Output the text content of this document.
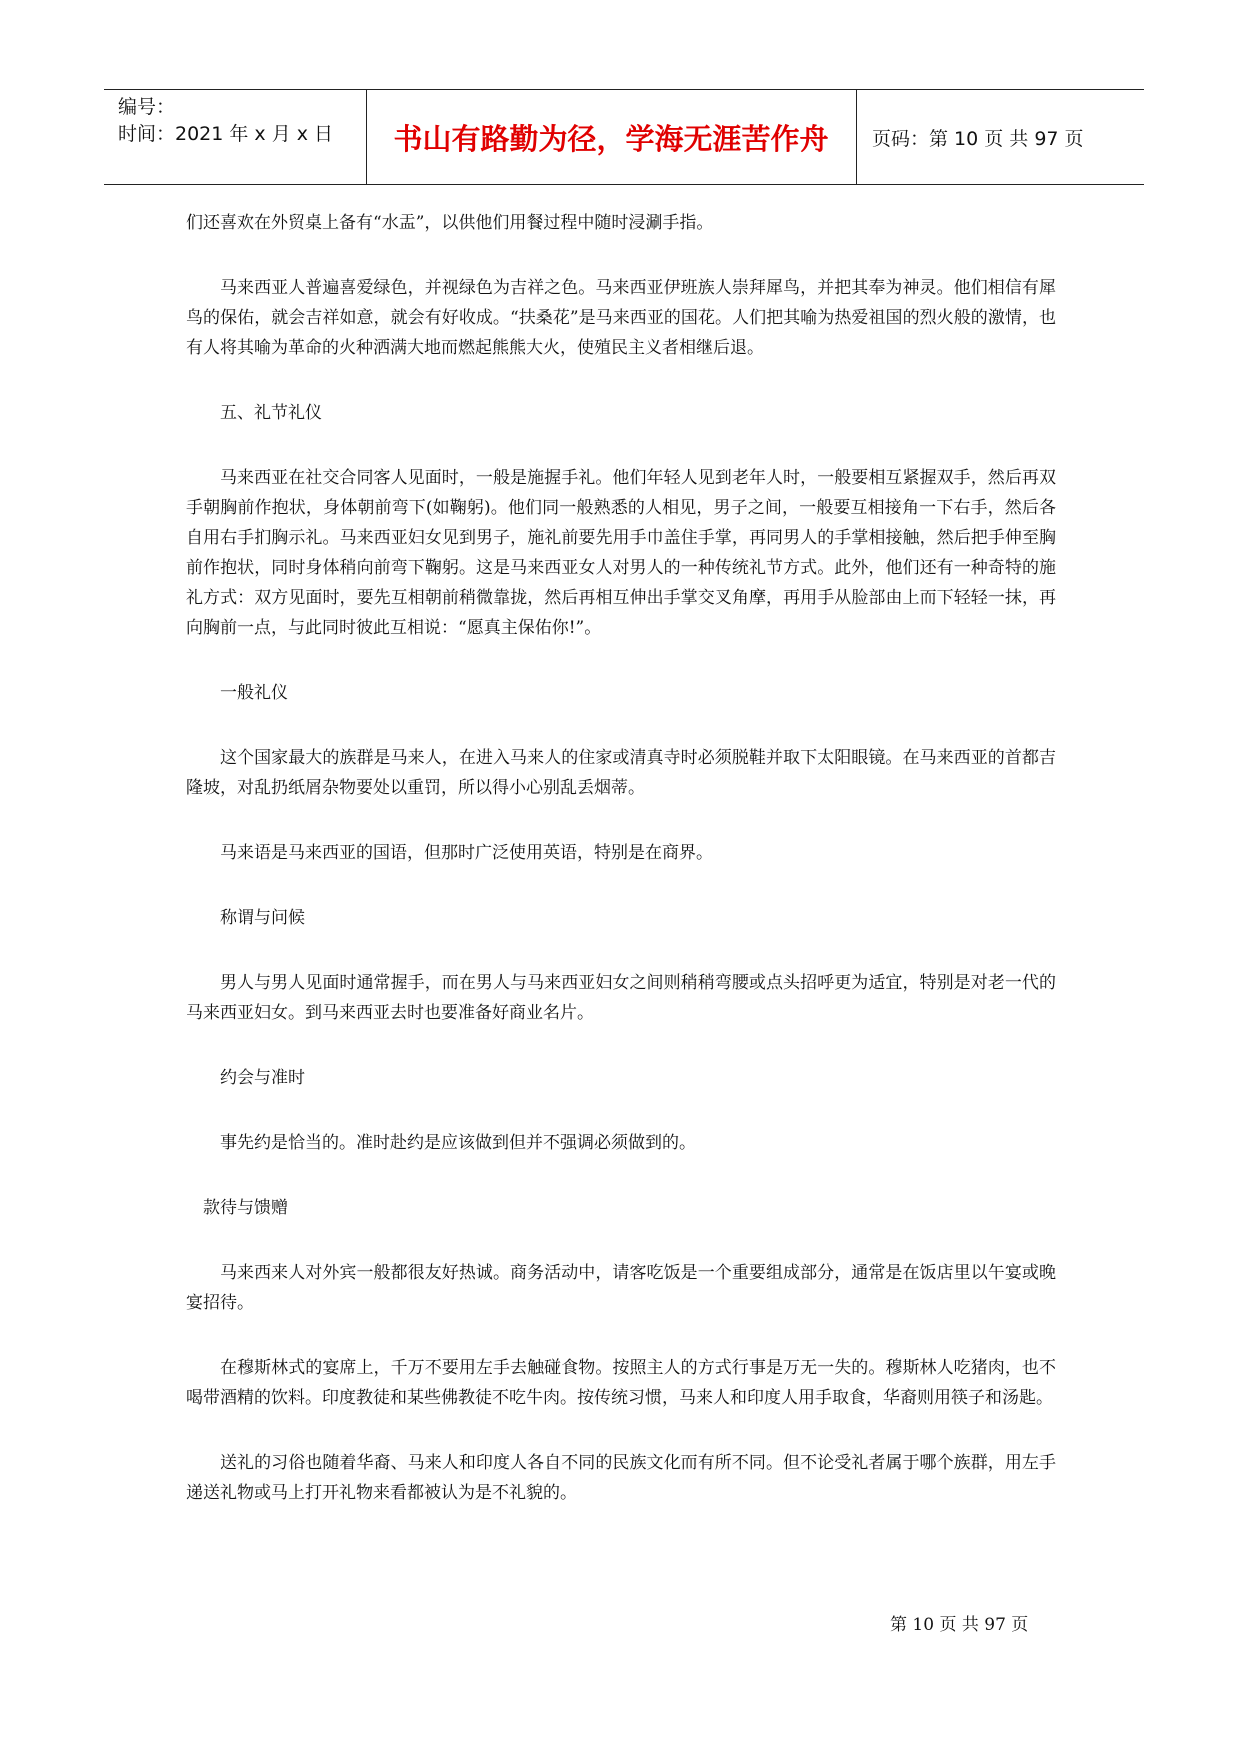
编号：
时间：2021 年 x 月 x 日	书山有路勤为径，学海无涯苦作舟	页码：第 10 页 共 97 页

们还喜欢在外贸桌上备有“水盂”，以供他们用餐过程中随时浸涮手指。

马来西亚人普遍喜爱绿色，并视绿色为吉祥之色。马来西亚伊班族人崇拜犀鸟，并把其奉为神灵。他们相信有犀鸟的保佑，就会吉祥如意，就会有好收成。“扶桑花”是马来西亚的国花。人们把其喻为热爱祖国的烈火般的激情，也有人将其喻为革命的火种洒满大地而燃起熊熊大火，使殖民主义者相继后退。

五、礼节礼仪

马来西亚在社交合同客人见面时，一般是施握手礼。他们年轻人见到老年人时，一般要相互紧握双手，然后再双手朝胸前作抱状，身体朝前弯下(如鞠躬)。他们同一般熟悉的人相见，男子之间，一般要互相接角一下右手，然后各自用右手扪胸示礼。马来西亚妇女见到男子，施礼前要先用手巾盖住手掌，再同男人的手掌相接触，然后把手伸至胸前作抱状，同时身体稍向前弯下鞠躬。这是马来西亚女人对男人的一种传统礼节方式。此外，他们还有一种奇特的施礼方式：双方见面时，要先互相朝前稍微靠拢，然后再相互伸出手掌交叉角摩，再用手从脸部由上而下轻轻一抹，再向胸前一点，与此同时彼此互相说：“愿真主保佑你!”。

一般礼仪

这个国家最大的族群是马来人，在进入马来人的住家或清真寺时必须脱鞋并取下太阳眼镜。在马来西亚的首都吉隆坡，对乱扔纸屑杂物要处以重罚，所以得小心别乱丢烟蒂。

马来语是马来西亚的国语，但那时广泛使用英语，特别是在商界。

称谓与问候

男人与男人见面时通常握手，而在男人与马来西亚妇女之间则稍稍弯腰或点头招呼更为适宜，特别是对老一代的马来西亚妇女。到马来西亚去时也要准备好商业名片。

约会与准时

事先约是恰当的。准时赴约是应该做到但并不强调必须做到的。

款待与馈赠

马来西来人对外宾一般都很友好热诚。商务活动中，请客吃饭是一个重要组成部分，通常是在饭店里以午宴或晚宴招待。

在穆斯林式的宴席上，千万不要用左手去触碰食物。按照主人的方式行事是万无一失的。穆斯林人吃猪肉，也不喝带酒精的饮料。印度教徒和某些佛教徒不吃牛肉。按传统习惯，马来人和印度人用手取食，华裔则用筷子和汤匙。

送礼的习俗也随着华裔、马来人和印度人各自不同的民族文化而有所不同。但不论受礼者属于哪个族群，用左手递送礼物或马上打开礼物来看都被认为是不礼貌的。

第 10 页 共 97 页
